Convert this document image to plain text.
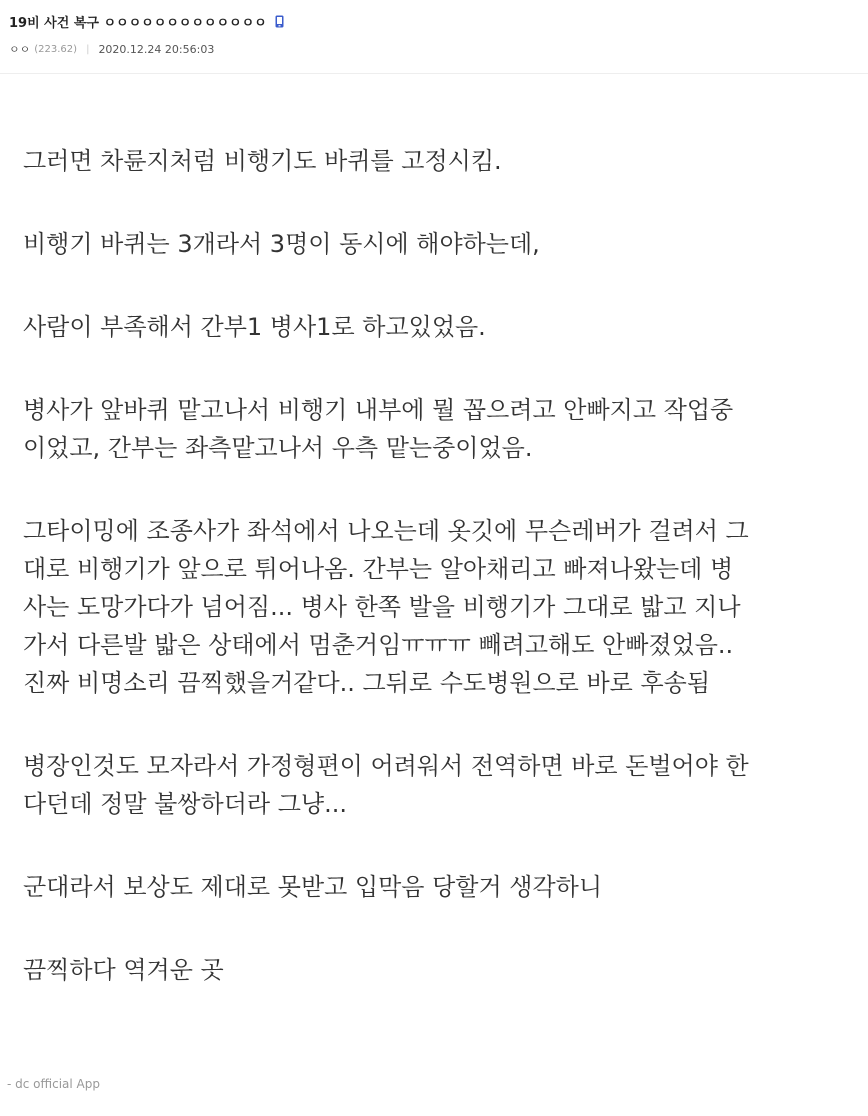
19비 사건 복구 ㅇㅇㅇㅇㅇㅇㅇㅇㅇㅇㅇㅇㅇ
ㅇㅇ (223.62) | 2020.12.24 20:56:03

그러면 차륜지처럼 비행기도 바퀴를 고정시킴.

비행기 바퀴는 3개라서 3명이 동시에 해야하는데,

사람이 부족해서 간부1 병사1로 하고있었음.

병사가 앞바퀴 맡고나서 비행기 내부에 뭘 꼽으려고 안빠지고 작업중
이었고, 간부는 좌측맡고나서 우측 맡는중이었음.

그타이밍에 조종사가 좌석에서 나오는데 옷깃에 무슨레버가 걸려서 그
대로 비행기가 앞으로 튀어나옴. 간부는 알아채리고 빠져나왔는데 병
사는 도망가다가 넘어짐... 병사 한쪽 발을 비행기가 그대로 밟고 지나
가서 다른발 밟은 상태에서 멈춘거임ㅠㅠㅠ 빼려고해도 안빠졌었음..
진짜 비명소리 끔찍했을거같다.. 그뒤로 수도병원으로 바로 후송됨

병장인것도 모자라서 가정형편이 어려워서 전역하면 바로 돈벌어야 한
다던데 정말 불쌍하더라 그냥...

군대라서 보상도 제대로 못받고 입막음 당할거 생각하니

끔찍하다 역겨운 곳

- dc official App
